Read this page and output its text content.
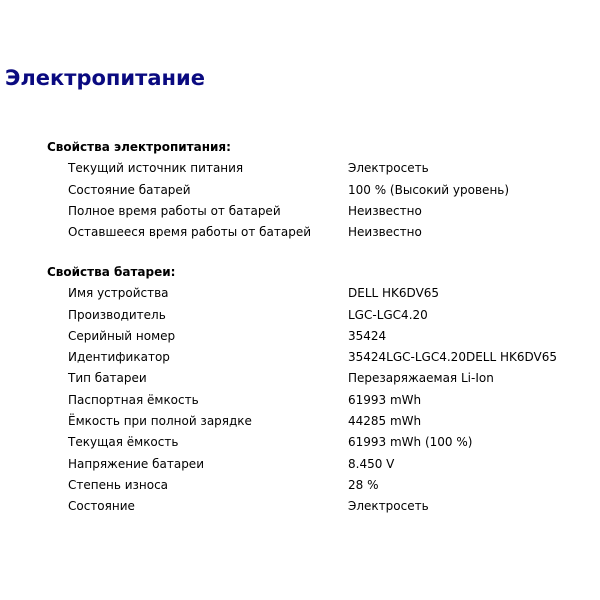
Электропитание
Свойства электропитания:
Текущий источник питания	Электросеть
Состояние батарей	100 % (Высокий уровень)
Полное время работы от батарей	Неизвестно
Оставшееся время работы от батарей	Неизвестно
Свойства батареи:
Имя устройства	DELL HK6DV65
Производитель	LGC-LGC4.20
Серийный номер	35424
Идентификатор	35424LGC-LGC4.20DELL HK6DV65
Тип батареи	Перезаряжаемая Li-Ion
Паспортная ёмкость	61993 mWh
Ёмкость при полной зарядке	44285 mWh
Текущая ёмкость	61993 mWh (100 %)
Напряжение батареи	8.450 V
Степень износа	28 %
Состояние	Электросеть
